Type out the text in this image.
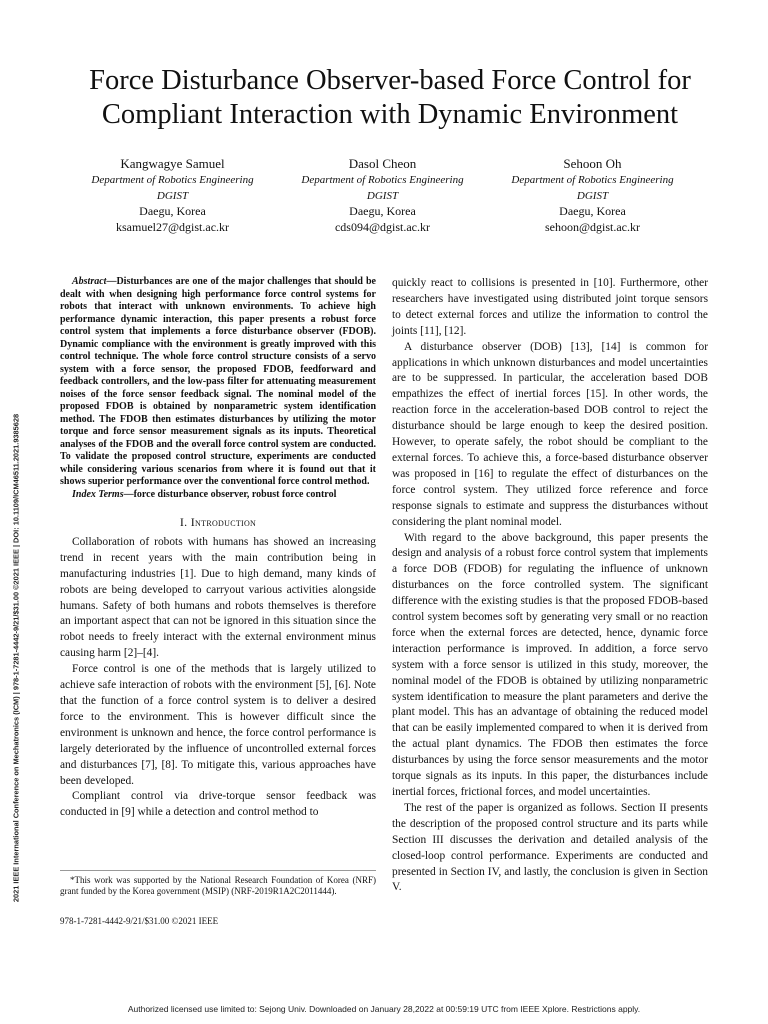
2021 IEEE International Conference on Mechatronics (ICM) | 978-1-7281-4442-9/21/$31.00 ©2021 IEEE | DOI: 10.1109/ICM46511.2021.9385628
Force Disturbance Observer-based Force Control for
Compliant Interaction with Dynamic Environment
Kangwagye Samuel
Department of Robotics Engineering
DGIST
Daegu, Korea
ksamuel27@dgist.ac.kr
Dasol Cheon
Department of Robotics Engineering
DGIST
Daegu, Korea
cds094@dgist.ac.kr
Sehoon Oh
Department of Robotics Engineering
DGIST
Daegu, Korea
sehoon@dgist.ac.kr

Abstract—Disturbances are one of the major challenges that should be dealt with when designing high performance force control systems for robots that interact with unknown environments. To achieve high performance dynamic interaction, this paper presents a robust force control system that implements a force disturbance observer (FDOB). Dynamic compliance with the environment is greatly improved with this control technique. The whole force control structure consists of a servo system with a force sensor, the proposed FDOB, feedforward and feedback controllers, and the low-pass filter for attenuating measurement noises of the force sensor feedback signal. The nominal model of the proposed FDOB is obtained by nonparametric system identification method. The FDOB then estimates disturbances by utilizing the motor torque and force sensor measurement signals as its inputs. Theoretical analyses of the FDOB and the overall force control system are conducted. To validate the proposed control structure, experiments are conducted while considering various scenarios from where it is found out that it shows superior performance over the conventional force control method.

Index Terms—force disturbance observer, robust force control

I. Introduction

Collaboration of robots with humans has showed an increasing trend in recent years with the main contribution being in manufacturing industries [1]. Due to high demand, many kinds of robots are being developed to carryout various activities alongside humans. Safety of both humans and robots themselves is therefore an important aspect that can not be ignored in this situation since the robot needs to freely interact with the external environment minus causing harm [2]–[4].

Force control is one of the methods that is largely utilized to achieve safe interaction of robots with the environment [5], [6]. Note that the function of a force control system is to deliver a desired force to the environment. This is however difficult since the environment is unknown and hence, the force control performance is largely deteriorated by the influence of uncontrolled external forces and disturbances [7], [8]. To mitigate this, various approaches have been developed.

Compliant control via drive-torque sensor feedback was conducted in [9] while a detection and control method to

*This work was supported by the National Research Foundation of Korea (NRF) grant funded by the Korea government (MSIP) (NRF-2019R1A2C2011444).

978-1-7281-4442-9/21/$31.00 ©2021 IEEE

quickly react to collisions is presented in [10]. Furthermore, other researchers have investigated using distributed joint torque sensors to detect external forces and utilize the information to control the joints [11], [12].

A disturbance observer (DOB) [13], [14] is common for applications in which unknown disturbances and model uncertainties are to be suppressed. In particular, the acceleration based DOB empathizes the effect of inertial forces [15]. In other words, the reaction force in the acceleration-based DOB control to reject the disturbance should be large enough to keep the desired position. However, to operate safely, the robot should be compliant to the external forces. To achieve this, a force-based disturbance observer was proposed in [16] to regulate the effect of disturbances on the force control system. They utilized force reference and force response signals to estimate and suppress the disturbances without considering the plant nominal model.

With regard to the above background, this paper presents the design and analysis of a robust force control system that implements a force DOB (FDOB) for regulating the influence of unknown disturbances on the force controlled system. The significant difference with the existing studies is that the proposed FDOB-based control system becomes soft by generating very small or no reaction force when the external forces are detected, hence, dynamic force interaction performance is improved. In addition, a force servo system with a force sensor is utilized in this study, moreover, the nominal model of the FDOB is obtained by utilizing nonparametric system identification to measure the plant parameters and derive the plant model. This has an advantage of obtaining the reduced model that can be easily implemented compared to when it is derived from the actual plant dynamics. The FDOB then estimates the force disturbances by using the force sensor measurements and the motor torque signals as its inputs. In this paper, the disturbances include inertial forces, frictional forces, and model uncertainties.

The rest of the paper is organized as follows. Section II presents the description of the proposed control structure and its parts while Section III discusses the derivation and detailed analysis of the closed-loop control performance. Experiments are conducted and presented in Section IV, and lastly, the conclusion is given in Section V.

Authorized licensed use limited to: Sejong Univ. Downloaded on January 28,2022 at 00:59:19 UTC from IEEE Xplore. Restrictions apply.
